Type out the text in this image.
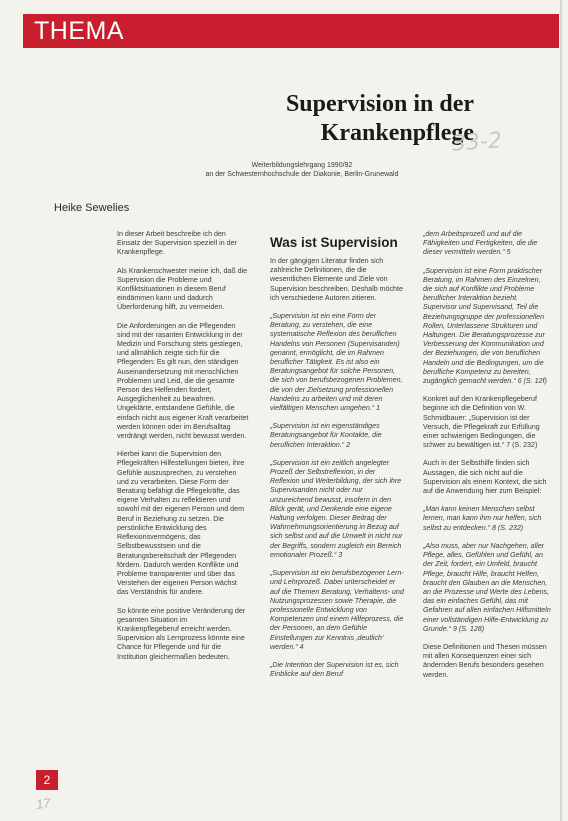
THEMA
Supervision in der
Krankenpflege
33-2
Weiterbildungslehrgang 1990/92
an der Schwesternhochschule der Diakonie, Berlin-Grunewald
Heike Sewelies

In dieser Arbeit beschreibe ich den Einsatz der Supervision speziell in der Krankenpflege.

Als Krankenschwester meine ich, daß die Supervision die Probleme und Konfliktsituationen in diesem Beruf eindämmen kann und dadurch Überforderung hilft, zu vermeiden.

Die Anforderungen an die Pflegenden sind mit der rasanten Entwicklung in der Medizin und Forschung stets gestiegen, und allmählich zeigte sich für die Pflegenden: Es gilt nun, den ständigen Auseinandersetzung mit menschlichen Problemen und Leid, die die gesamte Person des Helfenden fordert, Ausgeglichenheit zu bewahren. Ungeklärte, entstandene Gefühle, die einfach nicht aus eigener Kraft verarbeitet werden können oder im Berufsalltag verdrängt werden, nicht bewusst werden.

Hierbei kann die Supervision den Pflegekräften Hilfestellungen bieten, ihre Gefühle auszusprechen, zu verstehen und zu verarbeiten. Diese Form der Beratung befähigt die Pflegekräfte, das eigene Verhalten zu reflektieren und sowohl mit der eigenen Person und dem Beruf in Beziehung zu setzen. Die persönliche Entwicklung des Reflexionsvermögens, das Selbstbewusstsein und die Beratungsbereitschaft der Pflegenden fördern. Dadurch werden Konflikte und Probleme transparenter und über das Verstehen der eigenen Person wächst das Verständnis für andere.

So könnte eine positive Veränderung der gesamten Situation im Krankenpflegeberuf erreicht werden. Supervision als Lernprozess könnte eine Chance für Pflegende und für die Institution gleichermaßen bedeuten.

Was ist Supervision

In der gängigen Literatur finden sich zahlreiche Definitionen, die die wesentlichen Elemente und Ziele von Supervision beschreiben. Deshalb möchte ich verschiedene Autoren zitieren.

„Supervision ist ein eine Form der Beratung, zu verstehen, die eine systematische Reflexion des beruflichen Handelns von Personen (Supervisanden) genannt, ermöglicht, die im Rahmen beruflicher Tätigkeit. Es ist also ein Beratungsangebot für solche Personen, die sich von berufsbezogenen Problemen, die von der Zielsetzung professionellen Handelns zu arbeiten und mit deren vielfältigen Menschen umgehen.“ 1

„Supervision ist ein eigenständiges Beratungsangebot für Kontakte, die beruflichen Interaktion.“ 2

„Supervision ist ein zeitlich angelegter Prozeß der Selbstreflexion, in der Reflexion und Weiterbildung, der sich ihre Supervisanden nicht oder nur unzureichend bewusst, insofern in den Blick gerät, und Denkende eine eigene Haltung verfolgen. Dieser Beitrag der Wahrnehmungsorientierung in Bezug auf sich selbst und auf die Umwelt in nicht nur der Begriffs, sondern zugleich ein Bereich emotionaler Prozeß.“ 3

„Supervision ist ein berufsbezogener Lern- und Lehrprozeß. Dabei unterscheidet er auf die Themen Beratung, Verhaltens- und Nutzungsprozessen sowie Therapie, die professionelle Entwicklung von Kompetenzen und einem Hilfeprozess, die der Personen, an dem Gefühle Einstellungen zur Kenntnis ‚deutlich‘ werden.“ 4

„Die Intention der Supervision ist es, sich Einblicke auf den Beruf

„dem Arbeitsprozeß und auf die Fähigkeiten und Fertigkeiten, die die dieser vermitteln werden.“ 5

„Supervision ist eine Form praktischer Beratung, im Rahmen des Einzelnen, die sich auf Konflikte und Probleme beruflicher Interaktion bezieht. Supervisor und Supervisand, Teil die Beziehungsgruppe der professionellen Rollen, Unterlassene Strukturen und Haltungen. Die Beratungsprozesse zur Verbesserung der Kommunikation und der Beziehungen, die von beruflichen Handeln und die Bedingungen, um die berufliche Kompetenz zu bereiten, zugänglich gemacht werden.“ 6 (S. 12f)

Konkret auf den Krankenpflegeberuf beginne ich die Definition von W. Schmidbauer: „Supervision ist der Versuch, die Pflegekraft zur Erfüllung einer schwierigen Bedingungen, die schwer zu bewältigen ist.“ 7 (S. 232)

Auch in der Selbsthilfe finden sich Aussagen, die sich nicht auf die Supervision als einem Kontext, die sich auf die Anwendung hier zum Beispiel:

„Man kann keinen Menschen selbst lernen, man kann ihm nur helfen, sich selbst zu entdecken.“ 8 (S. 232)

„Also muss, aber nur Nachgehen, aller Pflege, alles, Gefühlen und Gefühl, an der Zeit, fordert, ein Umfeld, braucht Pflege, braucht Hilfe, braucht Helfen, braucht den Glauben an die Menschen, an die Prozesse und Werte des Lebens, das ein einfaches Gefühl, das mit Gefahren auf allen einfachen Hilfsmitteln einer vollständigen Hilfe-Entwicklung zu Grunde.“ 9 (S. 128)

Diese Definitionen und Thesen müssen mit allen Konsequenzen einer sich ändernden Berufs besonders gesehen werden.

2
17
